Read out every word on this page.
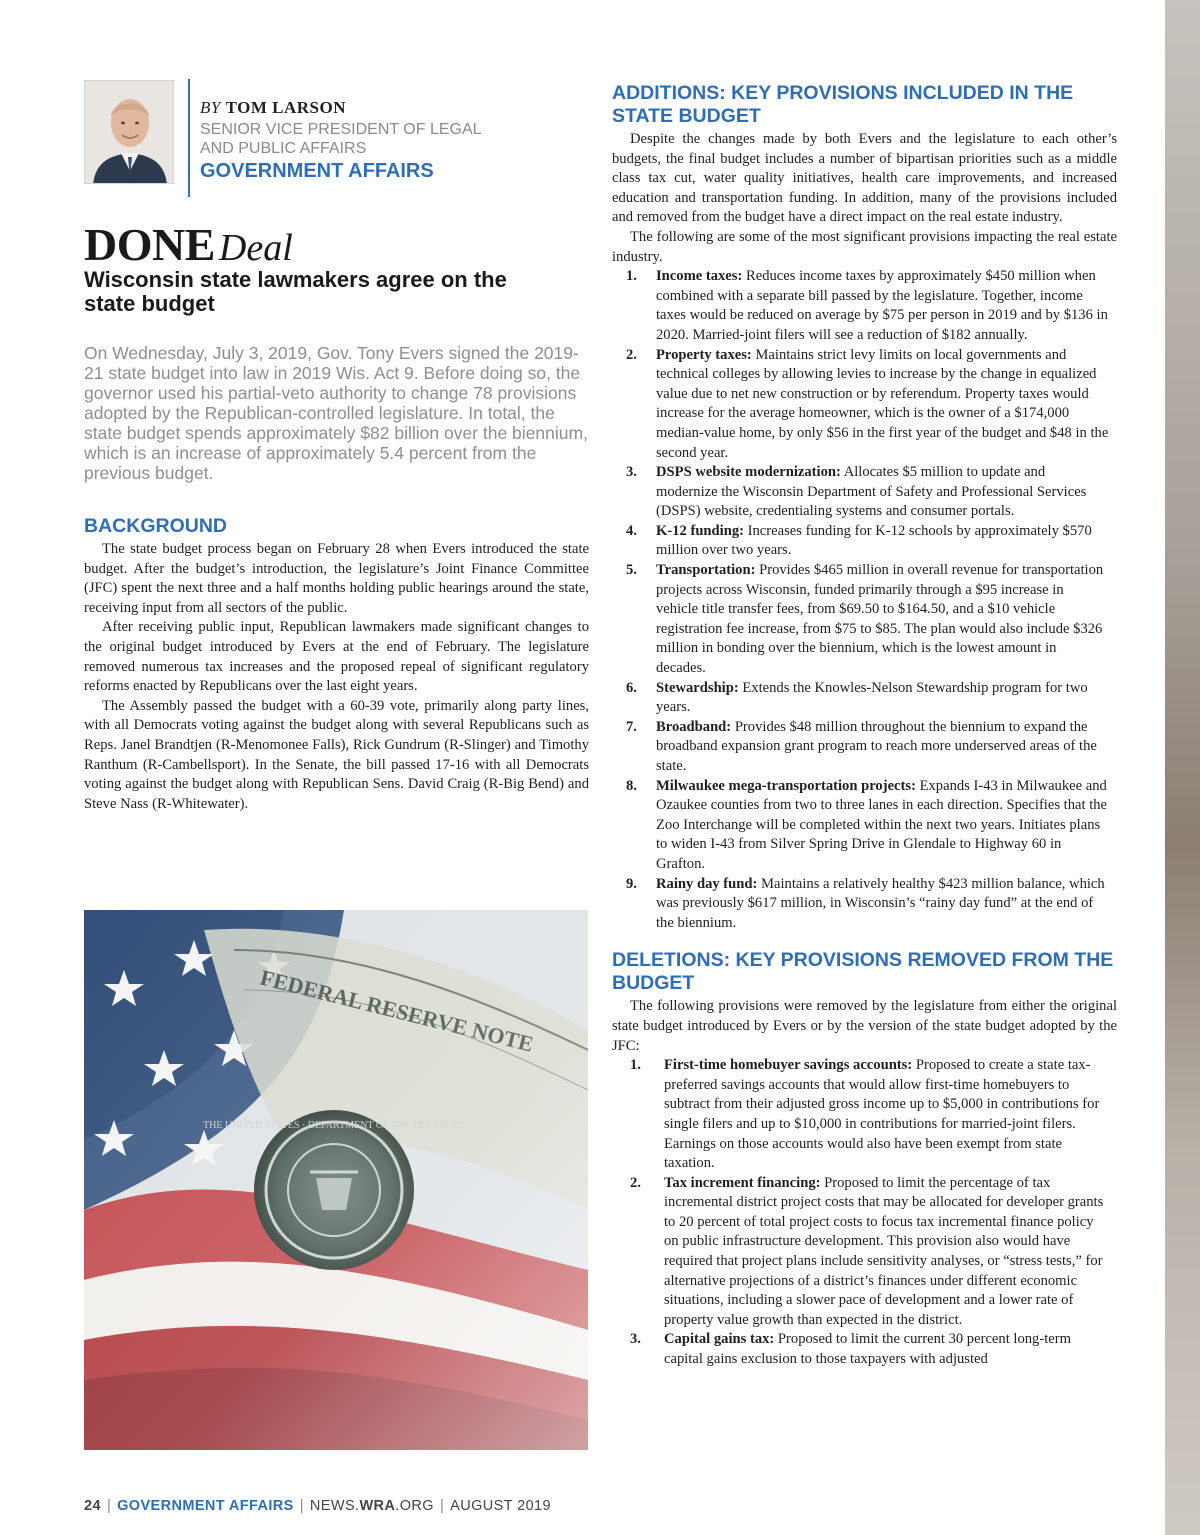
BY TOM LARSON
SENIOR VICE PRESIDENT OF LEGAL
AND PUBLIC AFFAIRS
GOVERNMENT AFFAIRS
DONE Deal
Wisconsin state lawmakers agree on the state budget
On Wednesday, July 3, 2019, Gov. Tony Evers signed the 2019-21 state budget into law in 2019 Wis. Act 9. Before doing so, the governor used his partial-veto authority to change 78 provisions adopted by the Republican-controlled legislature. In total, the state budget spends approximately $82 billion over the biennium, which is an increase of approximately 5.4 percent from the previous budget.
BACKGROUND

The state budget process began on February 28 when Evers introduced the state budget. After the budget’s introduction, the legislature’s Joint Finance Committee (JFC) spent the next three and a half months holding public hearings around the state, receiving input from all sectors of the public.

After receiving public input, Republican lawmakers made significant changes to the original budget introduced by Evers at the end of February. The legislature removed numerous tax increases and the proposed repeal of significant regulatory reforms enacted by Republicans over the last eight years.

The Assembly passed the budget with a 60-39 vote, primarily along party lines, with all Democrats voting against the budget along with several Republicans such as Reps. Janel Brandtjen (R-Menomonee Falls), Rick Gundrum (R-Slinger) and Timothy Ranthum (R-Cambellsport). In the Senate, the bill passed 17-16 with all Democrats voting against the budget along with Republican Sens. David Craig (R-Big Bend) and Steve Nass (R-Whitewater).

ADDITIONS: KEY PROVISIONS INCLUDED IN THE STATE BUDGET

Despite the changes made by both Evers and the legislature to each other’s budgets, the final budget includes a number of bipartisan priorities such as a middle class tax cut, water quality initiatives, health care improvements, and increased education and transportation funding. In addition, many of the provisions included and removed from the budget have a direct impact on the real estate industry.

The following are some of the most significant provisions impacting the real estate industry.

1.	Income taxes: Reduces income taxes by approximately $450 million when combined with a separate bill passed by the legislature. Together, income taxes would be reduced on average by $75 per person in 2019 and by $136 in 2020. Married-joint filers will see a reduction of $182 annually.
2.	Property taxes: Maintains strict levy limits on local governments and technical colleges by allowing levies to increase by the change in equalized value due to net new construction or by referendum. Property taxes would increase for the average homeowner, which is the owner of a $174,000 median-value home, by only $56 in the first year of the budget and $48 in the second year.
3.	DSPS website modernization: Allocates $5 million to update and modernize the Wisconsin Department of Safety and Professional Services (DSPS) website, credentialing systems and consumer portals.
4.	K-12 funding: Increases funding for K-12 schools by approximately $570 million over two years.
5.	Transportation: Provides $465 million in overall revenue for transportation projects across Wisconsin, funded primarily through a $95 increase in vehicle title transfer fees, from $69.50 to $164.50, and a $10 vehicle registration fee increase, from $75 to $85. The plan would also include $326 million in bonding over the biennium, which is the lowest amount in decades.
6.	Stewardship: Extends the Knowles-Nelson Stewardship program for two years.
7.	Broadband: Provides $48 million throughout the biennium to expand the broadband expansion grant program to reach more underserved areas of the state.
8.	Milwaukee mega-transportation projects: Expands I-43 in Milwaukee and Ozaukee counties from two to three lanes in each direction. Specifies that the Zoo Interchange will be completed within the next two years. Initiates plans to widen I-43 from Silver Spring Drive in Glendale to Highway 60 in Grafton.
9.	Rainy day fund: Maintains a relatively healthy $423 million balance, which was previously $617 million, in Wisconsin’s “rainy day fund” at the end of the biennium.
DELETIONS: KEY PROVISIONS REMOVED FROM THE BUDGET

The following provisions were removed by the legislature from either the original state budget introduced by Evers or by the version of the state budget adopted by the JFC:

1.	First-time homebuyer savings accounts: Proposed to create a state tax-preferred savings accounts that would allow first-time homebuyers to subtract from their adjusted gross income up to $5,000 in contributions for single filers and up to $10,000 in contributions for married-joint filers. Earnings on those accounts would also have been exempt from state taxation.
2.	Tax increment financing: Proposed to limit the percentage of tax incremental district project costs that may be allocated for developer grants to 20 percent of total project costs to focus tax incremental finance policy on public infrastructure development. This provision also would have required that project plans include sensitivity analyses, or “stress tests,” for alternative projections of a district’s finances under different economic situations, including a slower pace of development and a lower rate of property value growth than expected in the district.
3.	Capital gains tax: Proposed to limit the current 30 percent long-term capital gains exclusion to those taxpayers with adjusted
24 | GOVERNMENT AFFAIRS | NEWS.WRA.ORG | AUGUST 2019
